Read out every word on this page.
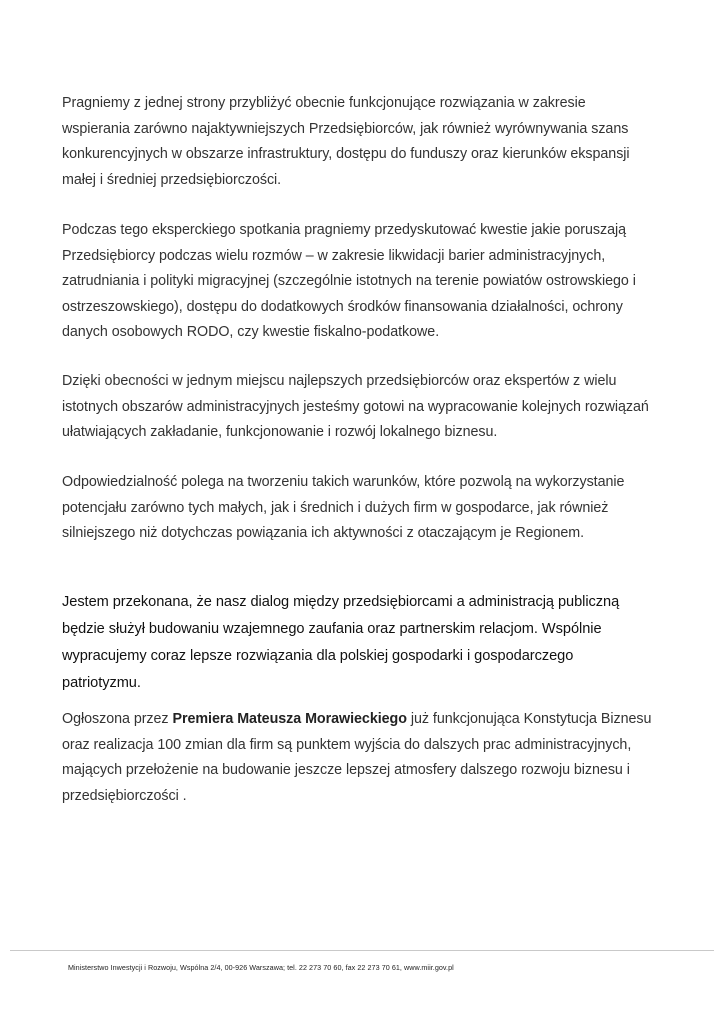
Pragniemy z jednej strony przybliżyć obecnie funkcjonujące rozwiązania w zakresie
wspierania zarówno najaktywniejszych Przedsiębiorców, jak również wyrównywania szans
konkurencyjnych w obszarze infrastruktury, dostępu do funduszy oraz kierunków ekspansji
małej i średniej przedsiębiorczości.

Podczas tego eksperckiego spotkania pragniemy przedyskutować kwestie jakie poruszają
Przedsiębiorcy podczas wielu rozmów – w zakresie likwidacji barier administracyjnych,
zatrudniania i polityki migracyjnej (szczególnie istotnych na terenie powiatów ostrowskiego i
ostrzeszowskiego), dostępu do dodatkowych środków finansowania działalności, ochrony
danych osobowych RODO, czy kwestie fiskalno-podatkowe.

Dzięki obecności w jednym miejscu najlepszych przedsiębiorców oraz ekspertów z wielu
istotnych obszarów administracyjnych jesteśmy gotowi na wypracowanie kolejnych rozwiązań
ułatwiających zakładanie, funkcjonowanie i rozwój lokalnego biznesu.

Odpowiedzialność polega na tworzeniu takich warunków, które pozwolą na wykorzystanie
potencjału zarówno tych małych, jak i średnich i dużych firm w gospodarce, jak również
silniejszego niż dotychczas powiązania ich aktywności z otaczającym je Regionem.

Jestem przekonana, że nasz dialog między przedsiębiorcami a administracją publiczną
będzie służył budowaniu wzajemnego zaufania oraz partnerskim relacjom. Wspólnie
wypracujemy coraz lepsze rozwiązania dla polskiej gospodarki i gospodarczego
patriotyzmu.

Ogłoszona przez Premiera Mateusza Morawieckiego już funkcjonująca Konstytucja Biznesu
oraz realizacja 100 zmian dla firm są punktem wyjścia do dalszych prac administracyjnych,
mających przełożenie na budowanie jeszcze lepszej atmosfery dalszego rozwoju biznesu i
przedsiębiorczości .

Ministerstwo Inwestycji i Rozwoju, Wspólna 2/4, 00-926 Warszawa; tel. 22 273 70 60, fax 22 273 70 61, www.miir.gov.pl
